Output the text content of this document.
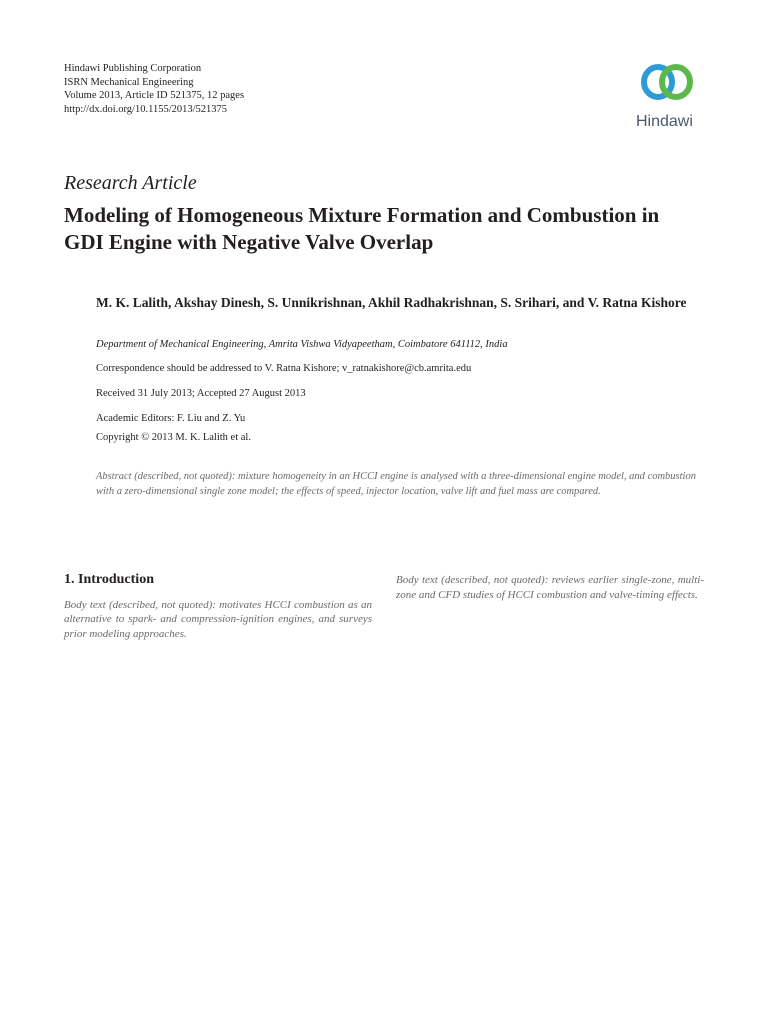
Hindawi Publishing Corporation
ISRN Mechanical Engineering
Volume 2013, Article ID 521375, 12 pages
http://dx.doi.org/10.1155/2013/521375
Hindawi
Research Article
Modeling of Homogeneous Mixture Formation and Combustion in GDI Engine with Negative Valve Overlap
M. K. Lalith, Akshay Dinesh, S. Unnikrishnan, Akhil Radhakrishnan, S. Srihari, and V. Ratna Kishore
Department of Mechanical Engineering, Amrita Vishwa Vidyapeetham, Coimbatore 641112, India
Correspondence should be addressed to V. Ratna Kishore; v_ratnakishore@cb.amrita.edu
Received 31 July 2013; Accepted 27 August 2013
Academic Editors: F. Liu and Z. Yu
Copyright © 2013 M. K. Lalith et al.
Abstract (described, not quoted): mixture homogeneity in an HCCI engine is analysed with a three-dimensional engine model, and combustion with a zero-dimensional single zone model; the effects of speed, injector location, valve lift and fuel mass are compared.
1. Introduction
Body text (described, not quoted): motivates HCCI combustion as an alternative to spark- and compression-ignition engines, and surveys prior modeling approaches.
Body text (described, not quoted): reviews earlier single-zone, multi-zone and CFD studies of HCCI combustion and valve-timing effects.
